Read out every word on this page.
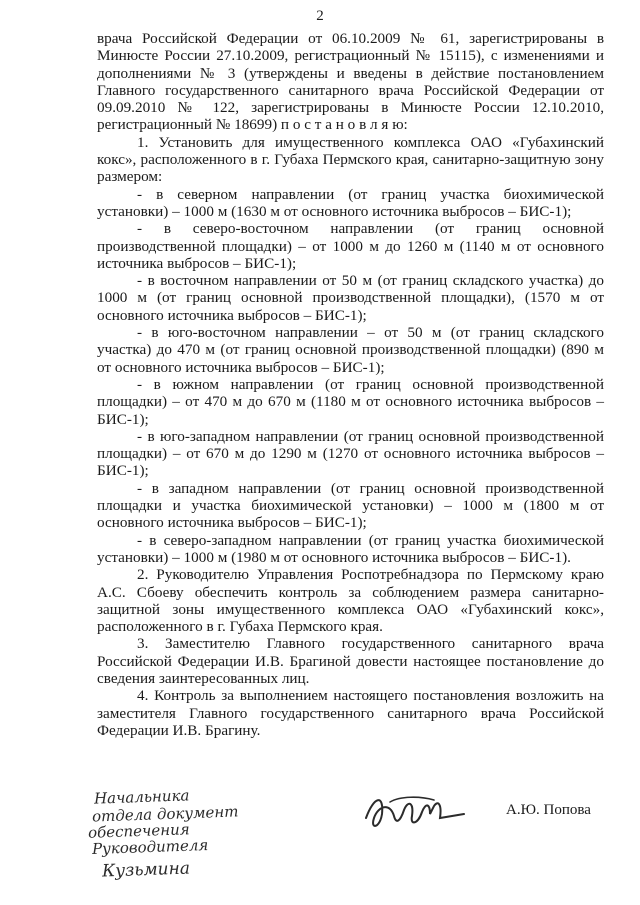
2

врача Российской Федерации от 06.10.2009 № 61, зарегистрированы в Минюсте России 27.10.2009, регистрационный № 15115), с изменениями и дополнениями № 3 (утверждены и введены в действие постановлением Главного государственного санитарного врача Российской Федерации от 09.09.2010 № 122, зарегистрированы в Минюсте России 12.10.2010, регистрационный № 18699) п о с т а н о в л я ю:

1. Установить для имущественного комплекса ОАО «Губахинский кокс», расположенного в г. Губаха Пермского края, санитарно-защитную зону размером:

- в северном направлении (от границ участка биохимической установки) – 1000 м (1630 м от основного источника выбросов – БИС-1);

- в северо-восточном направлении (от границ основной производственной площадки) – от 1000 м до 1260 м (1140 м от основного источника выбросов – БИС-1);

- в восточном направлении от 50 м (от границ складского участка) до 1000 м (от границ основной производственной площадки), (1570 м от основного источника выбросов – БИС-1);

- в юго-восточном направлении – от 50 м (от границ складского участка) до 470 м (от границ основной производственной площадки) (890 м от основного источника выбросов – БИС-1);

- в южном направлении (от границ основной производственной площадки) – от 470 м до 670 м (1180 м от основного источника выбросов – БИС-1);

- в юго-западном направлении (от границ основной производственной площадки) – от 670 м до 1290 м (1270 от основного источника выбросов – БИС-1);

- в западном направлении (от границ основной производственной площадки и участка биохимической установки) – 1000 м (1800 м от основного источника выбросов – БИС-1);

- в северо-западном направлении (от границ участка биохимической установки) – 1000 м (1980 м от основного источника выбросов – БИС-1).

2. Руководителю Управления Роспотребнадзора по Пермскому краю А.С. Сбоеву обеспечить контроль за соблюдением размера санитарно-защитной зоны имущественного комплекса ОАО «Губахинский кокс», расположенного в г. Губаха Пермского края.

3. Заместителю Главного государственного санитарного врача Российской Федерации И.В. Брагиной довести настоящее постановление до сведения заинтересованных лиц.

4. Контроль за выполнением настоящего постановления возложить на заместителя Главного государственного санитарного врача Российской Федерации И.В. Брагину.

Начальника
отдела документ
обеспечения
Руководителя
Кузьмина
А.Ю. Попова
